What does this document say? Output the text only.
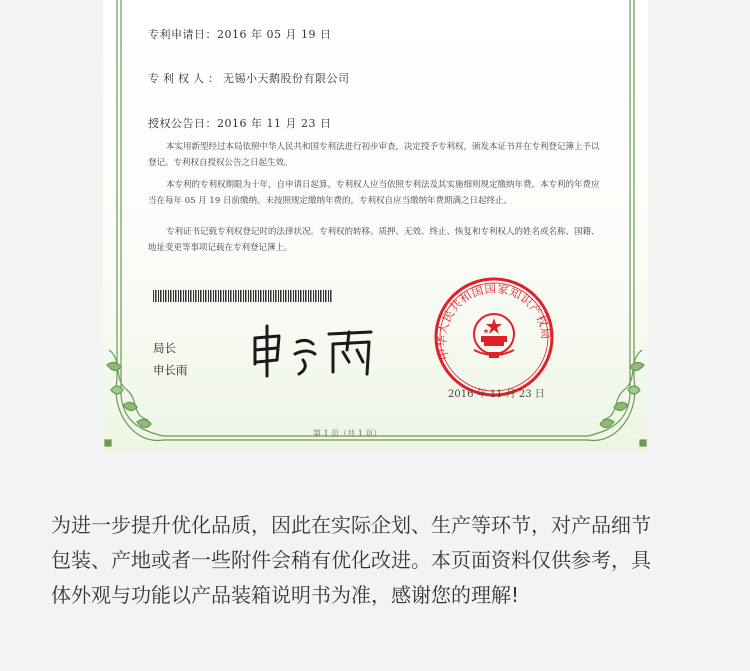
专利申请日：2016 年 05 月 19 日
专利权人：无锡小天鹅股份有限公司
授权公告日：2016 年 11 月 23 日
本实用新型经过本局依照中华人民共和国专利法进行初步审查，决定授予专利权，颁发本证书并在专利登记簿上予以登记。专利权自授权公告之日起生效。
本专利的专利权期限为十年，自申请日起算。专利权人应当依照专利法及其实施细则规定缴纳年费。本专利的年费应当在每年 05 月 19 日前缴纳。未按照规定缴纳年费的，专利权自应当缴纳年费期满之日起终止。
专利证书记载专利权登记时的法律状况。专利权的转移、质押、无效、终止、恢复和专利权人的姓名或名称、国籍、地址变更等事项记载在专利登记簿上。
局长
申长雨
中华人民共和国国家知识产权局
2016 年 11 月 23 日
第 1 页（共 1 页）

为进一步提升优化品质，因此在实际企划、生产等环节，对产品细节

包装、产地或者一些附件会稍有优化改进。本页面资料仅供参考，具

体外观与功能以产品装箱说明书为准，感谢您的理解!
